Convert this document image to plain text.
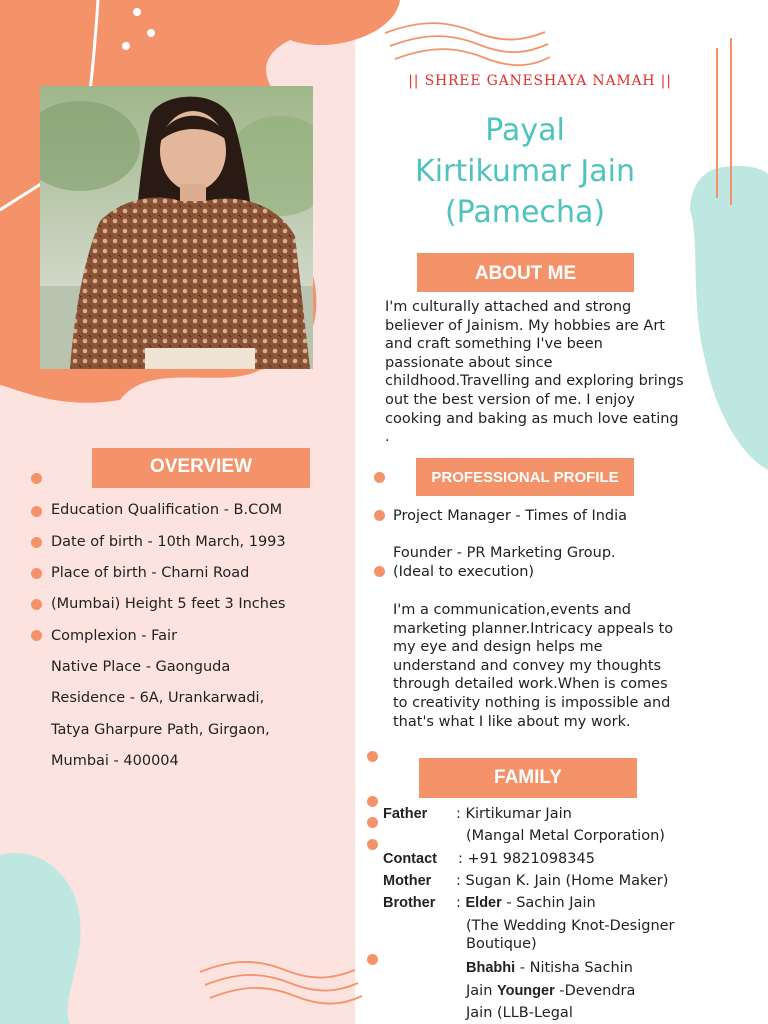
|| SHREE GANESHAYA NAMAH ||
Payal
Kirtikumar Jain
(Pamecha)
ABOUT ME
I'm culturally attached and strong believer of Jainism. My hobbies are Art and craft something I've been passionate about since childhood.Travelling and exploring brings out the best version of me. I enjoy cooking and baking as much love eating .
OVERVIEW
Education Qualification - B.COM
Date of birth - 10th March, 1993
Place of birth - Charni Road
(Mumbai) Height 5 feet 3 Inches
Complexion - Fair
Native Place - Gaonguda
Residence - 6A, Urankarwadi,
Tatya Gharpure Path, Girgaon,
Mumbai - 400004
PROFESSIONAL PROFILE
Project Manager - Times of India
Founder - PR Marketing Group.
(Ideal to execution)
I'm a communication,events and marketing planner.Intricacy appeals to my eye and design helps me understand and convey my thoughts through detailed work.When is comes to creativity nothing is impossible and that's what I like about my work.
FAMILY
Father : Kirtikumar Jain
(Mangal Metal Corporation)
Contact : +91 9821098345
Mother : Sugan K. Jain (Home Maker)
Brother : Elder - Sachin Jain
(The Wedding Knot-Designer
Boutique)
Bhabhi - Nitisha Sachin
Jain Younger -Devendra
Jain (LLB-Legal
